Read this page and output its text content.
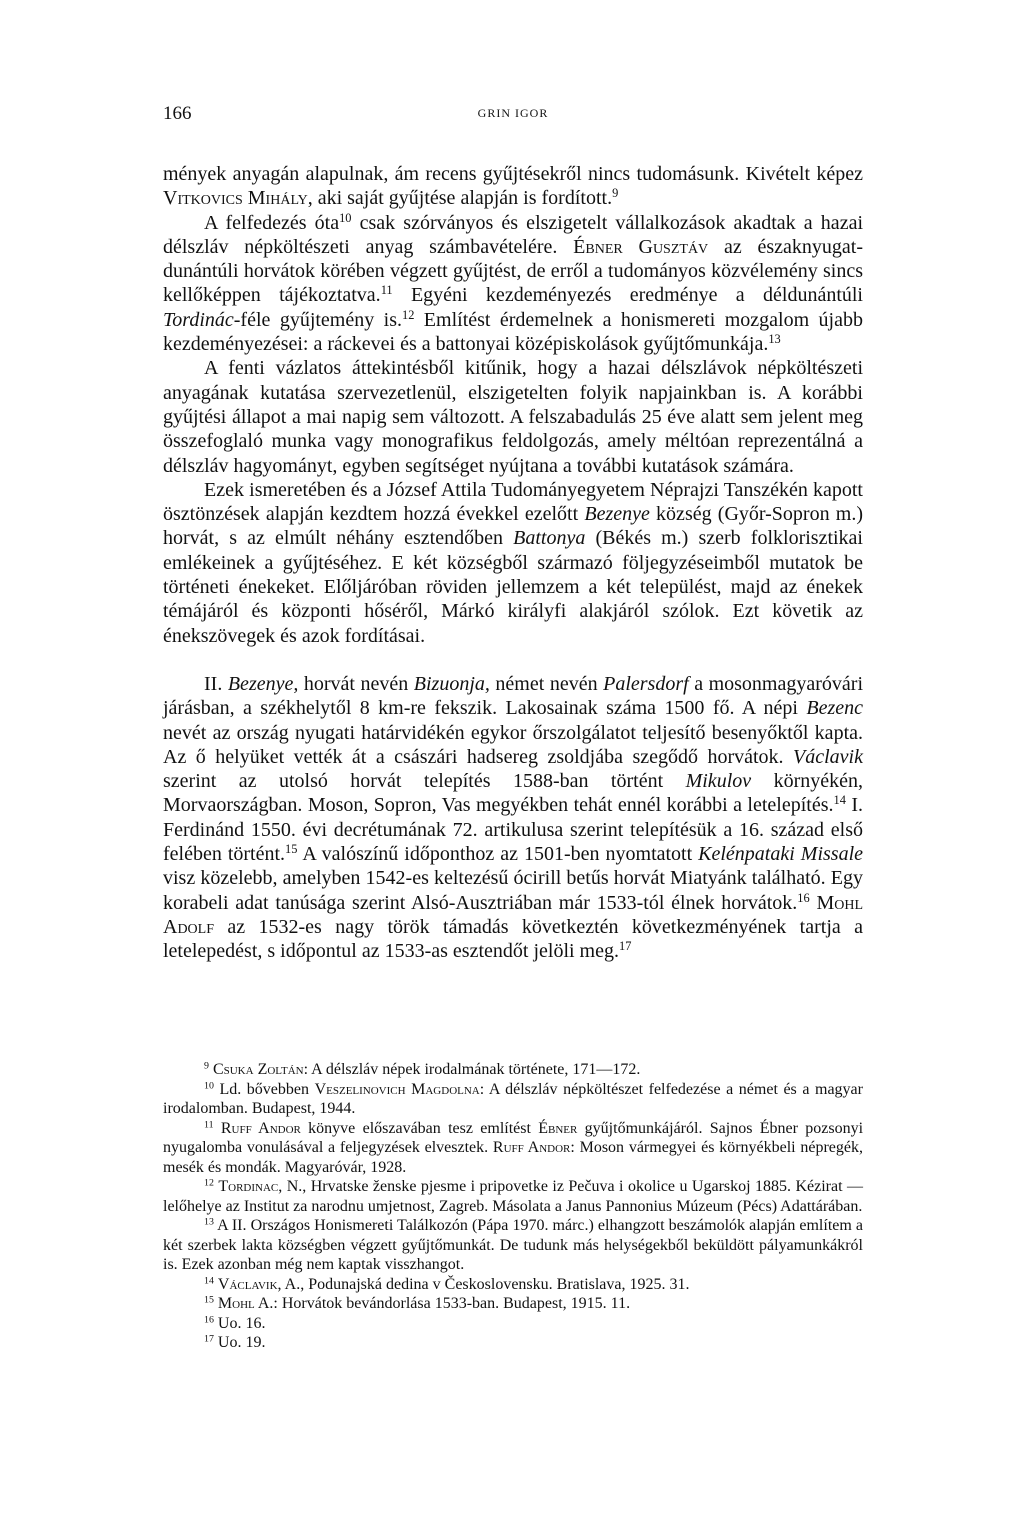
166	GRIN IGOR

mények anyagán alapulnak, ám recens gyűjtésekről nincs tudomásunk. Kivételt képez Vitkovics Mihály, aki saját gyűjtése alapján is fordított.$^9$

A felfedezés óta$^{10}$ csak szórványos és elszigetelt vállalkozások akadtak a hazai délszláv népköltészeti anyag számbavételére. Ébner Gusztáv az északnyugat-dunántúli horvátok körében végzett gyűjtést, de erről a tudományos közvélemény sincs kellőképpen tájékoztatva.$^{11}$ Egyéni kezdeményezés eredménye a déldunántúli Tordinác-féle gyűjtemény is.$^{12}$ Említést érdemelnek a honismereti mozgalom újabb kezdeményezései: a ráckevei és a battonyai középiskolások gyűjtőmunkája.$^{13}$

A fenti vázlatos áttekintésből kitűnik, hogy a hazai délszlávok népköltészeti anyagának kutatása szervezetlenül, elszigetelten folyik napjainkban is. A korábbi gyűjtési állapot a mai napig sem változott. A felszabadulás 25 éve alatt sem jelent meg összefoglaló munka vagy monografikus feldolgozás, amely méltóan reprezentálná a délszláv hagyományt, egyben segítséget nyújtana a további kutatások számára.

Ezek ismeretében és a József Attila Tudományegyetem Néprajzi Tanszékén kapott ösztönzések alapján kezdtem hozzá évekkel ezelőtt Bezenye község (Győr-Sopron m.) horvát, s az elmúlt néhány esztendőben Battonya (Békés m.) szerb folklorisztikai emlékeinek a gyűjtéséhez. E két községből származó följegyzéseimből mutatok be történeti énekeket. Előljáróban röviden jellemzem a két települést, majd az énekek témájáról és központi hőséről, Márkó királyfi alakjáról szólok. Ezt követik az énekszövegek és azok fordításai.

II. Bezenye, horvát nevén Bizuonja, német nevén Palersdorf a mosonmagyaróvári járásban, a székhelytől 8 km-re fekszik. Lakosainak száma 1500 fő. A népi Bezenc nevét az ország nyugati határvidékén egykor őrszolgálatot teljesítő besenyőktől kapta. Az ő helyüket vették át a császári hadsereg zsoldjába szegődő horvátok. Václavik szerint az utolsó horvát telepítés 1588-ban történt Mikulov környékén, Morvaországban. Moson, Sopron, Vas megyékben tehát ennél korábbi a letelepítés.$^{14}$ I. Ferdinánd 1550. évi decrétumának 72. artikulusa szerint telepítésük a 16. század első felében történt.$^{15}$ A valószínű időponthoz az 1501-ben nyomtatott Kelénpataki Missale visz közelebb, amelyben 1542-es keltezésű ócirill betűs horvát Miatyánk található. Egy korabeli adat tanúsága szerint Alsó-Ausztriában már 1533-tól élnek horvátok.$^{16}$ Mohl Adolf az 1532-es nagy török támadás következtén következményének tartja a letelepedést, s időpontul az 1533-as esztendőt jelöli meg.$^{17}$

$^9$ Csuka Zoltán: A délszláv népek irodalmának története, 171—172.

$^{10}$ Ld. bővebben Veszelinovich Magdolna: A délszláv népköltészet felfedezése a német és a magyar irodalomban. Budapest, 1944.

$^{11}$ Ruff Andor könyve előszavában tesz említést Ébner gyűjtőmunkájáról. Sajnos Ébner pozsonyi nyugalomba vonulásával a feljegyzések elvesztek. Ruff Andor: Moson vármegyei és környékbeli népregék, mesék és mondák. Magyaróvár, 1928.

$^{12}$ Tordinac, N., Hrvatske ženske pjesme i pripovetke iz Pečuva i okolice u Ugarskoj 1885. Kézirat — lelőhelye az Institut za narodnu umjetnost, Zagreb. Másolata a Janus Pannonius Múzeum (Pécs) Adattárában.

$^{13}$ A II. Országos Honismereti Találkozón (Pápa 1970. márc.) elhangzott beszámolók alapján említem a két szerbek lakta községben végzett gyűjtőmunkát. De tudunk más helységekből beküldött pályamunkákról is. Ezek azonban még nem kaptak visszhangot.

$^{14}$ Václavik, A., Podunajská dedina v Československu. Bratislava, 1925. 31.

$^{15}$ Mohl A.: Horvátok bevándorlása 1533-ban. Budapest, 1915. 11.

$^{16}$ Uo. 16.

$^{17}$ Uo. 19.
